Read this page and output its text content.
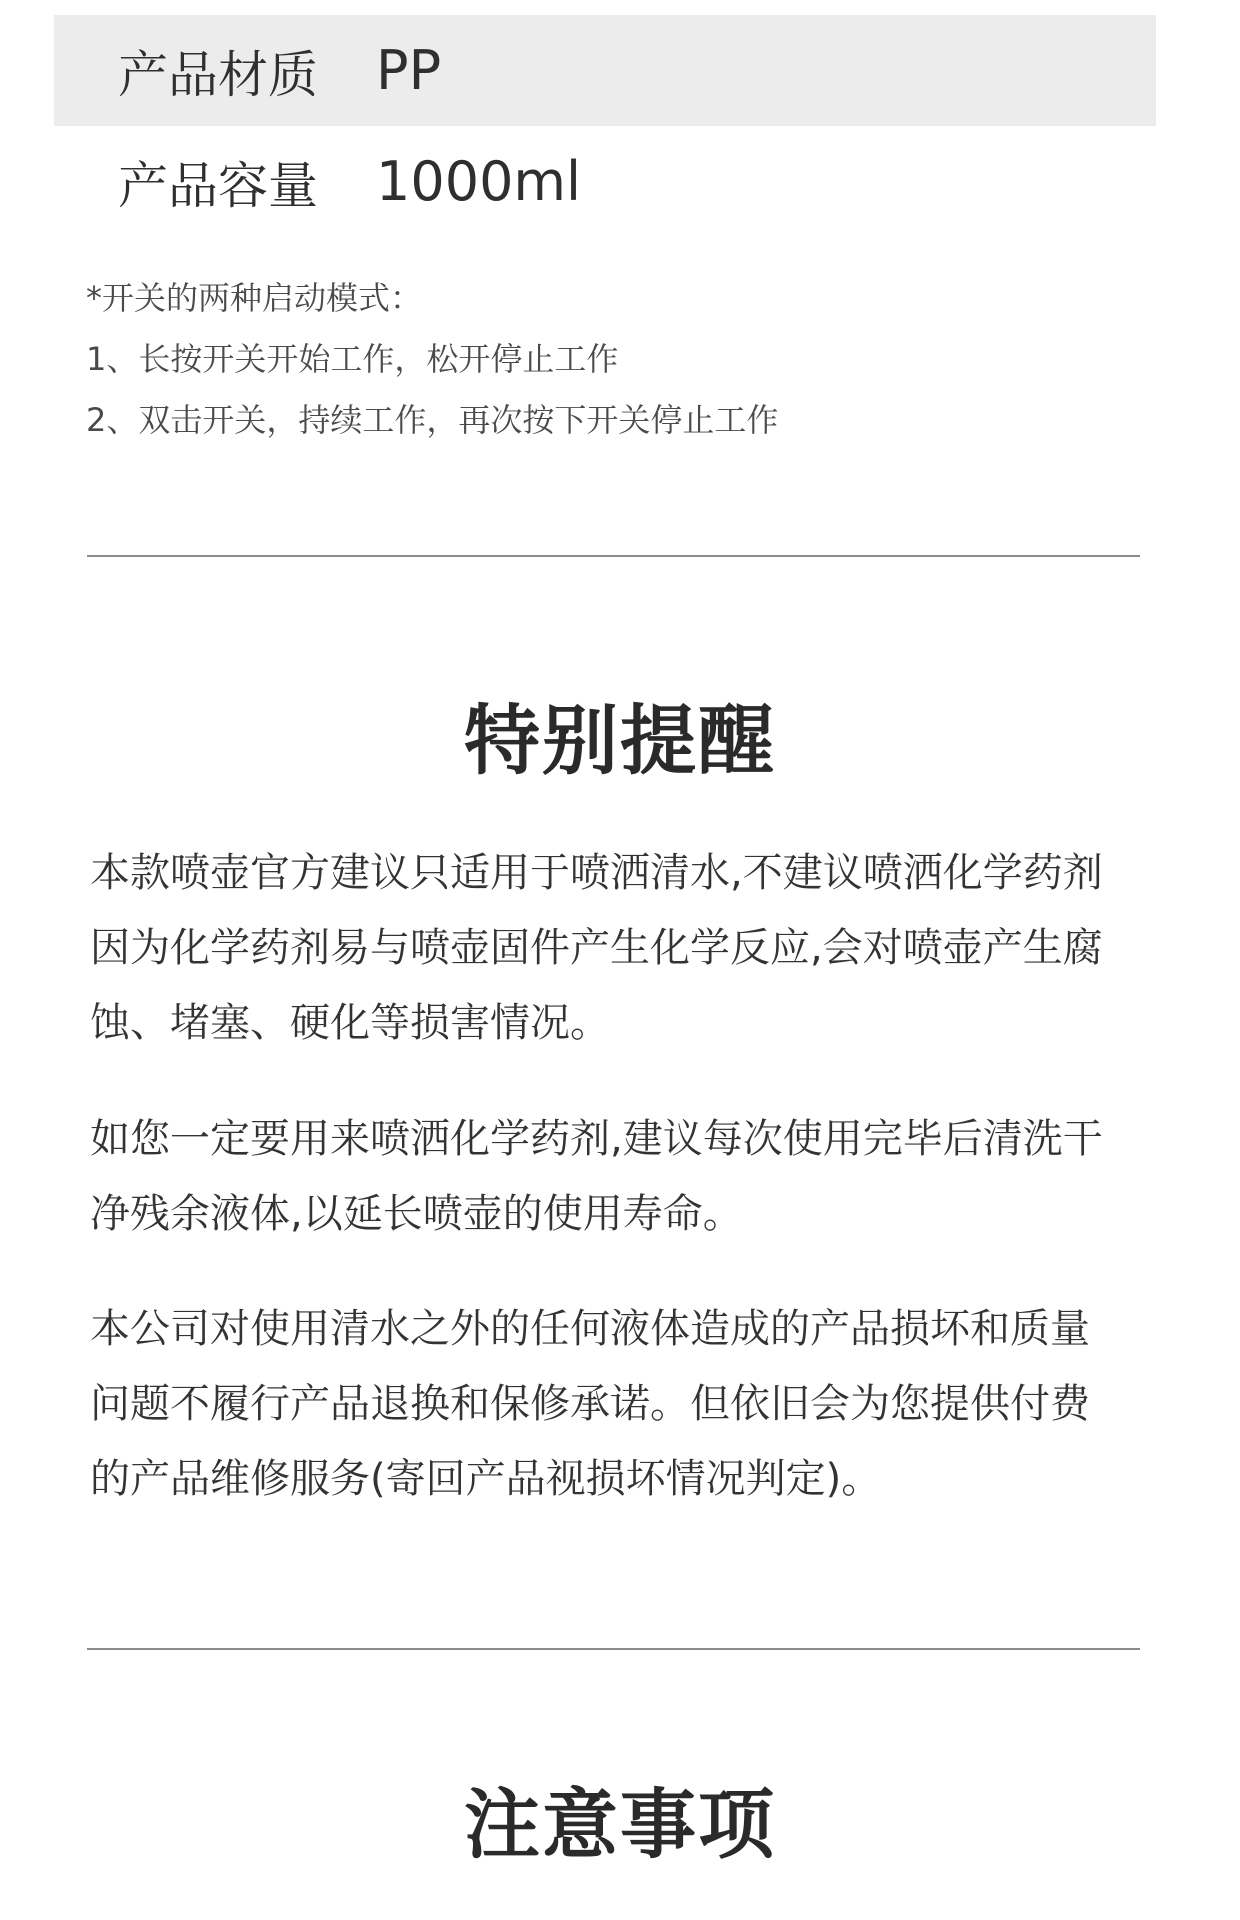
产品材质	PP
产品容量	1000ml
*开关的两种启动模式：
1、长按开关开始工作，松开停止工作
2、双击开关，持续工作，再次按下开关停止工作
特别提醒
本款喷壶官方建议只适用于喷洒清水,不建议喷洒化学药剂
因为化学药剂易与喷壶固件产生化学反应,会对喷壶产生腐
蚀、堵塞、硬化等损害情况。
如您一定要用来喷洒化学药剂,建议每次使用完毕后清洗干
净残余液体,以延长喷壶的使用寿命。
本公司对使用清水之外的任何液体造成的产品损坏和质量
问题不履行产品退换和保修承诺。但依旧会为您提供付费
的产品维修服务(寄回产品视损坏情况判定)。
注意事项
